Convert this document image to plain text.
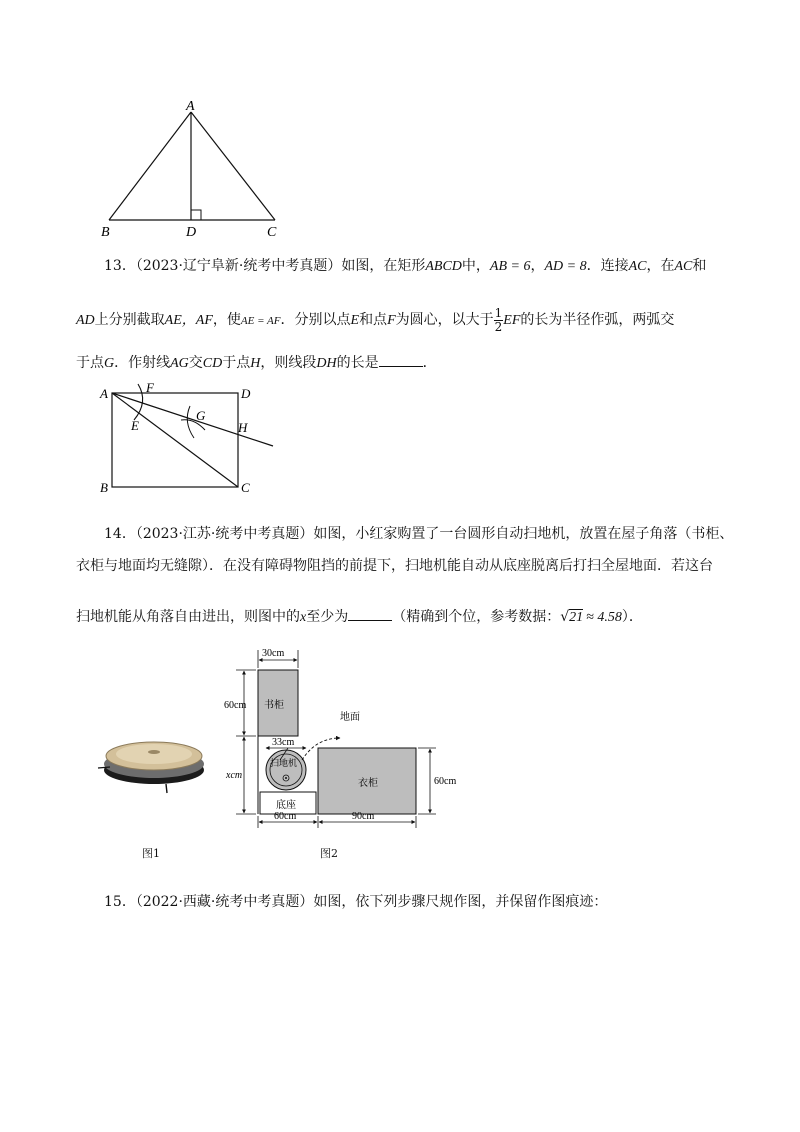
A
B	D	C
13．（2023·辽宁阜新·统考中考真题）如图，在矩形ABCD中，AB = 6，AD = 8．连接AC，在AC和
AD上分别截取AE，AF，使AE = AF．分别以点E和点F为圆心，以大于 $\frac{1}{2}$ EF的长为半径作弧，两弧交
于点G．作射线AG交CD于点H，则线段DH的长是	．
A	F	D
E
G
H
B	C
14．（2023·江苏·统考中考真题）如图，小红家购置了一台圆形自动扫地机，放置在屋子角落（书柜、
衣柜与地面均无缝隙）．在没有障碍物阻挡的前提下，扫地机能自动从底座脱离后打扫全屋地面．若这台
扫地机能从角落自由进出，则图中的x至少为	（精确到个位，参考数据：√21 ≈ 4.58）．
图1
书柜
30cm
60cm
xcm
底座
扫地机
33cm
地面
衣柜	60cm
60cm	90cm
图2
15．（2022·西藏·统考中考真题）如图，依下列步骤尺规作图，并保留作图痕迹：
